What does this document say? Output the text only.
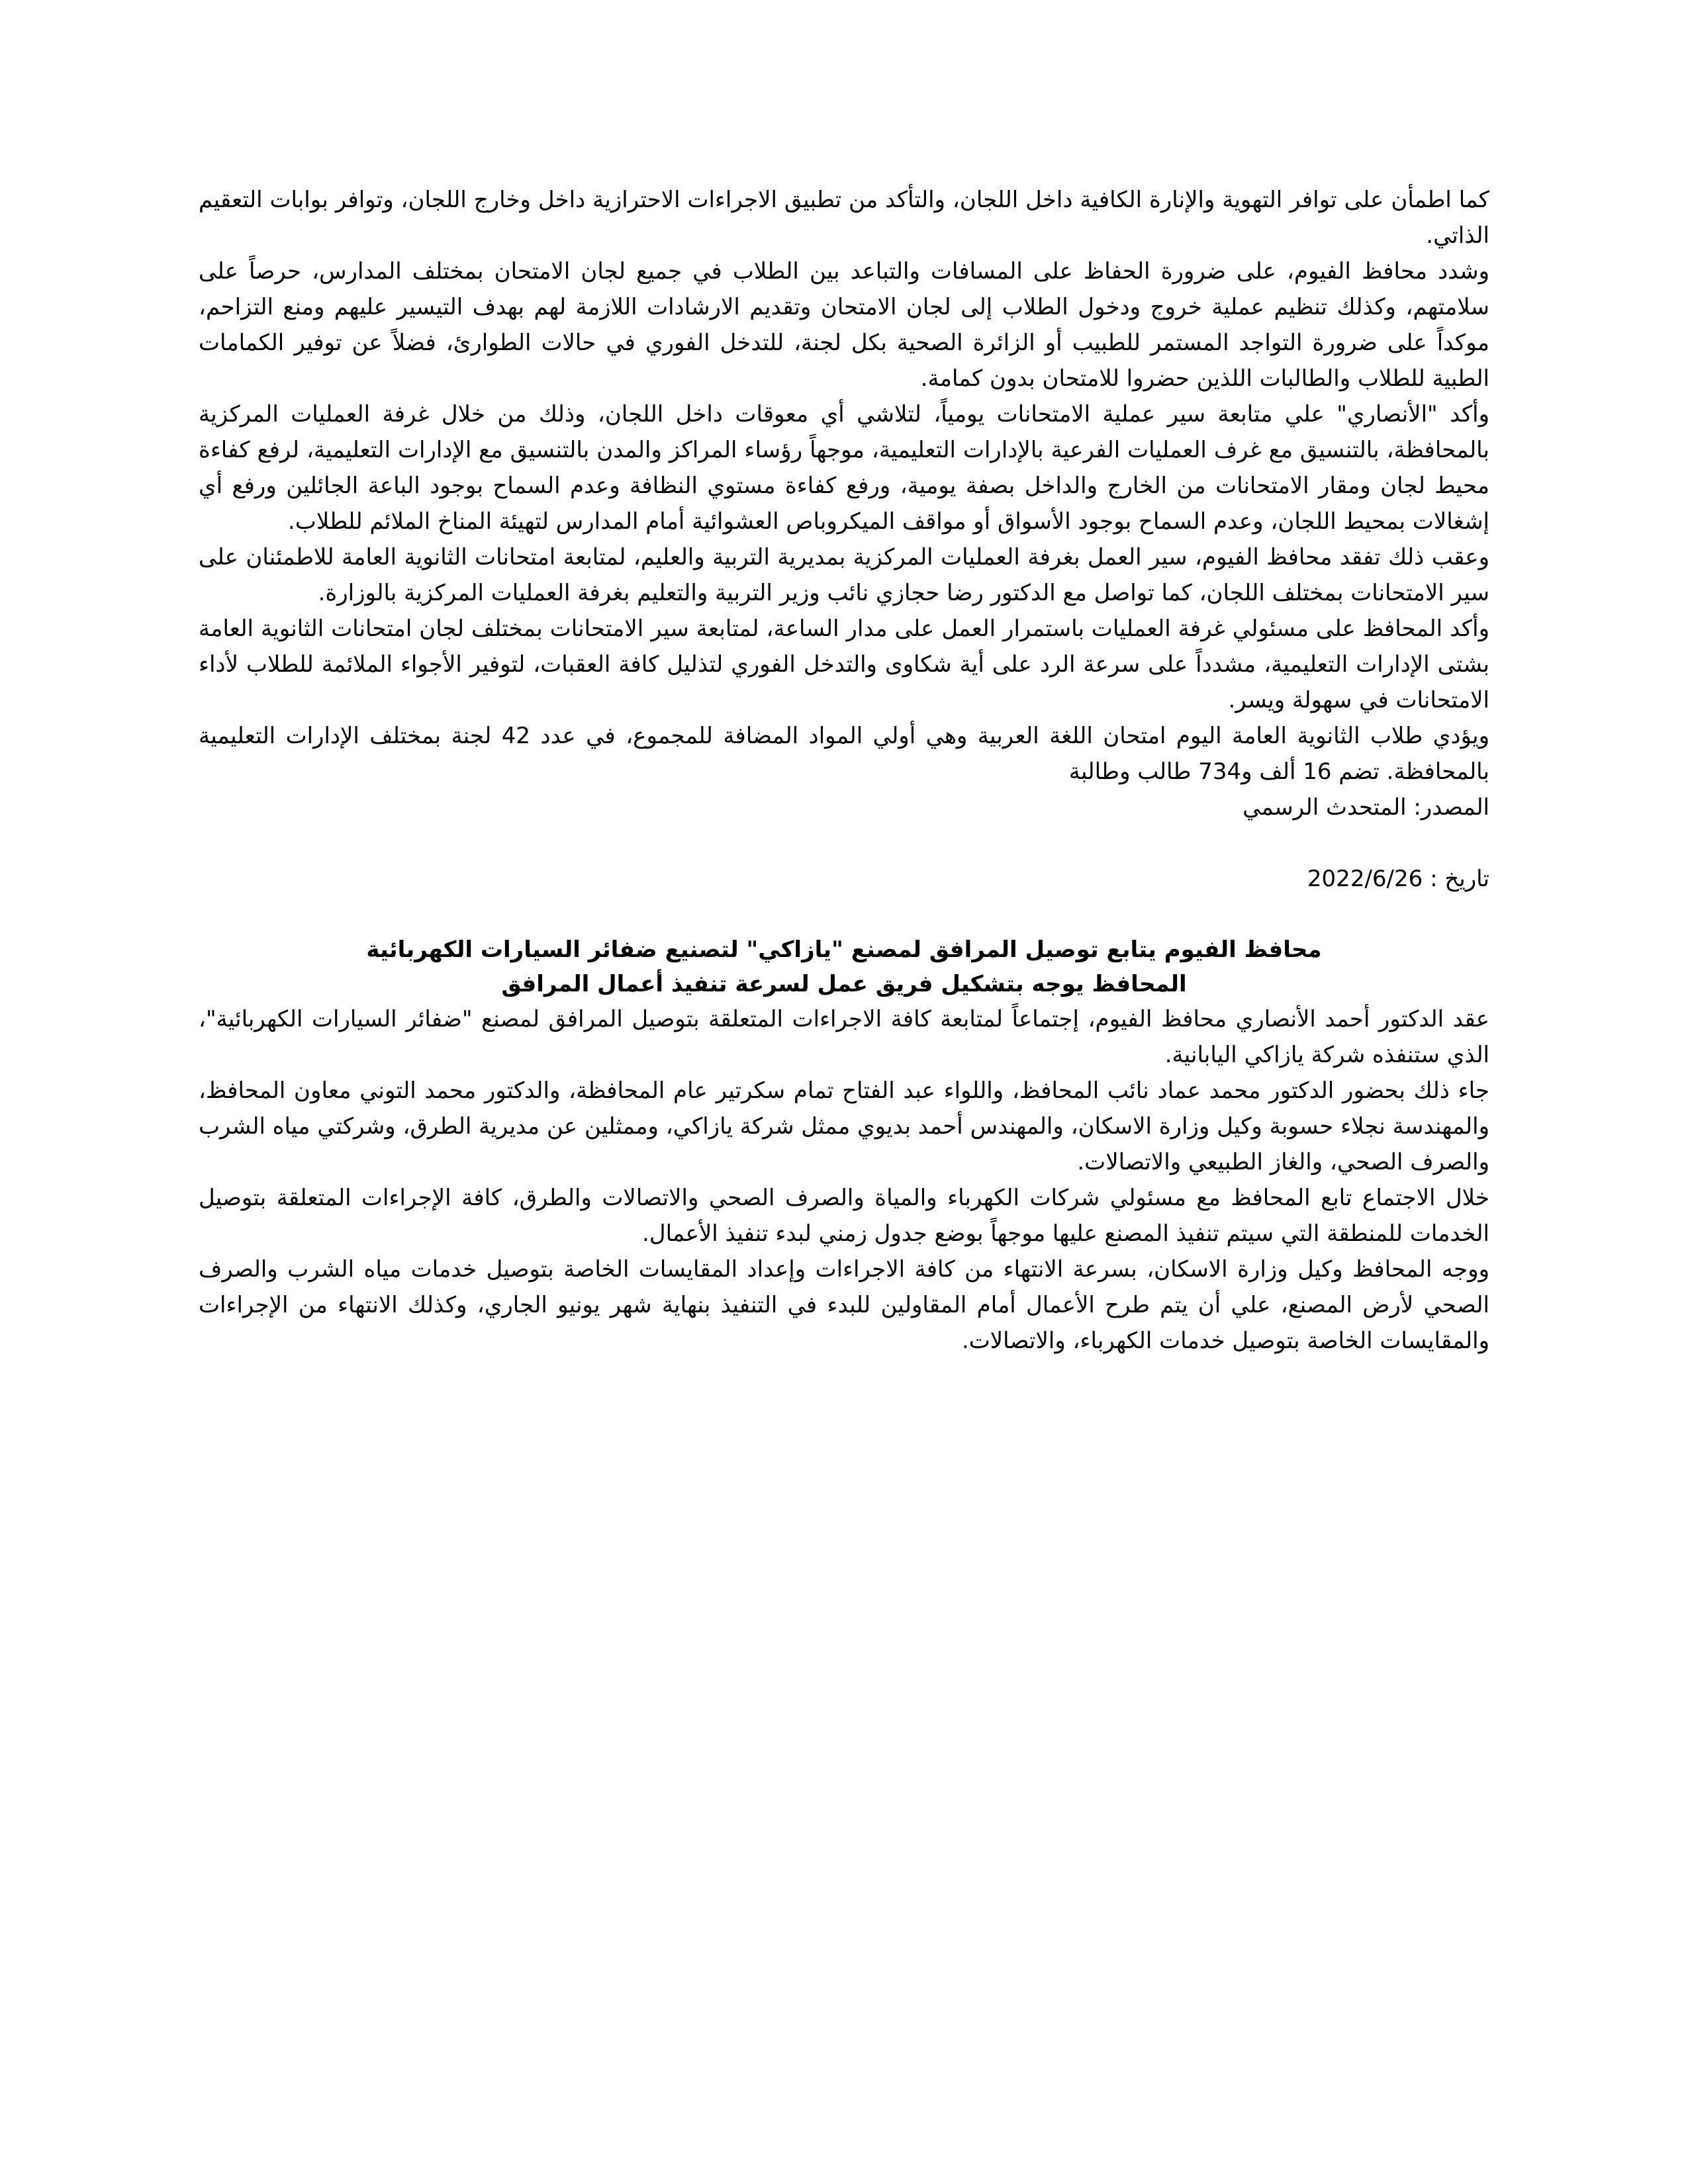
كما اطمأن على توافر التهوية والإنارة الكافية داخل اللجان، والتأكد من تطبيق الاجراءات الاحترازية داخل وخارج اللجان، وتوافر بوابات التعقيم الذاتي.

وشدد محافظ الفيوم، على ضرورة الحفاظ على المسافات والتباعد بين الطلاب في جميع لجان الامتحان بمختلف المدارس، حرصاً على سلامتهم، وكذلك تنظيم عملية خروج ودخول الطلاب إلى لجان الامتحان وتقديم الارشادات اللازمة لهم بهدف التيسير عليهم ومنع التزاحم، موكداً على ضرورة التواجد المستمر للطبيب أو الزائرة الصحية بكل لجنة، للتدخل الفوري في حالات الطوارئ، فضلاً عن توفير الكمامات الطبية للطلاب والطالبات اللذين حضروا للامتحان بدون كمامة.

وأكد "الأنصاري" علي متابعة سير عملية الامتحانات يومياً، لتلاشي أي معوقات داخل اللجان، وذلك من خلال غرفة العمليات المركزية بالمحافظة، بالتنسيق مع غرف العمليات الفرعية بالإدارات التعليمية، موجهاً رؤساء المراكز والمدن بالتنسيق مع الإدارات التعليمية، لرفع كفاءة محيط لجان ومقار الامتحانات من الخارج والداخل بصفة يومية، ورفع كفاءة مستوي النظافة وعدم السماح بوجود الباعة الجائلين ورفع أي إشغالات بمحيط اللجان، وعدم السماح بوجود الأسواق أو مواقف الميكروباص العشوائية أمام المدارس لتهيئة المناخ الملائم للطلاب.

وعقب ذلك تفقد محافظ الفيوم، سير العمل بغرفة العمليات المركزية بمديرية التربية والعليم، لمتابعة امتحانات الثانوية العامة للاطمئنان على سير الامتحانات بمختلف اللجان، كما تواصل مع الدكتور رضا حجازي نائب وزير التربية والتعليم بغرفة العمليات المركزية بالوزارة.

وأكد المحافظ على مسئولي غرفة العمليات باستمرار العمل على مدار الساعة، لمتابعة سير الامتحانات بمختلف لجان امتحانات الثانوية العامة بشتى الإدارات التعليمية، مشدداً على سرعة الرد على أية شكاوى والتدخل الفوري لتذليل كافة العقبات، لتوفير الأجواء الملائمة للطلاب لأداء الامتحانات في سهولة ويسر.

ويؤدي طلاب الثانوية العامة اليوم امتحان اللغة العربية وهي أولي المواد المضافة للمجموع، في عدد 42 لجنة بمختلف الإدارات التعليمية بالمحافظة. تضم 16 ألف و734 طالب وطالبة

المصدر: المتحدث الرسمي

تاريخ : 2022/6/26

محافظ الفيوم يتابع توصيل المرافق لمصنع "يازاكي" لتصنيع ضفائر السيارات الكهربائية

المحافظ يوجه بتشكيل فريق عمل لسرعة تنفيذ أعمال المرافق

عقد الدكتور أحمد الأنصاري محافظ الفيوم، إجتماعاً لمتابعة كافة الاجراءات المتعلقة بتوصيل المرافق لمصنع "ضفائر السيارات الكهربائية"، الذي ستنفذه شركة يازاكي اليابانية.

جاء ذلك بحضور الدكتور محمد عماد نائب المحافظ، واللواء عبد الفتاح تمام سكرتير عام المحافظة، والدكتور محمد التوني معاون المحافظ، والمهندسة نجلاء حسوبة وكيل وزارة الاسكان، والمهندس أحمد بديوي ممثل شركة يازاكي، وممثلين عن مديرية الطرق، وشركتي مياه الشرب والصرف الصحي، والغاز الطبيعي والاتصالات.

خلال الاجتماع تابع المحافظ مع مسئولي شركات الكهرباء والمياة والصرف الصحي والاتصالات والطرق، كافة الإجراءات المتعلقة بتوصيل الخدمات للمنطقة التي سيتم تنفيذ المصنع عليها موجهاً بوضع جدول زمني لبدء تنفيذ الأعمال.

ووجه المحافظ وكيل وزارة الاسكان، بسرعة الانتهاء من كافة الاجراءات وإعداد المقايسات الخاصة بتوصيل خدمات مياه الشرب والصرف الصحي لأرض المصنع، علي أن يتم طرح الأعمال أمام المقاولين للبدء في التنفيذ بنهاية شهر يونيو الجاري، وكذلك الانتهاء من الإجراءات والمقايسات الخاصة بتوصيل خدمات الكهرباء، والاتصالات.
